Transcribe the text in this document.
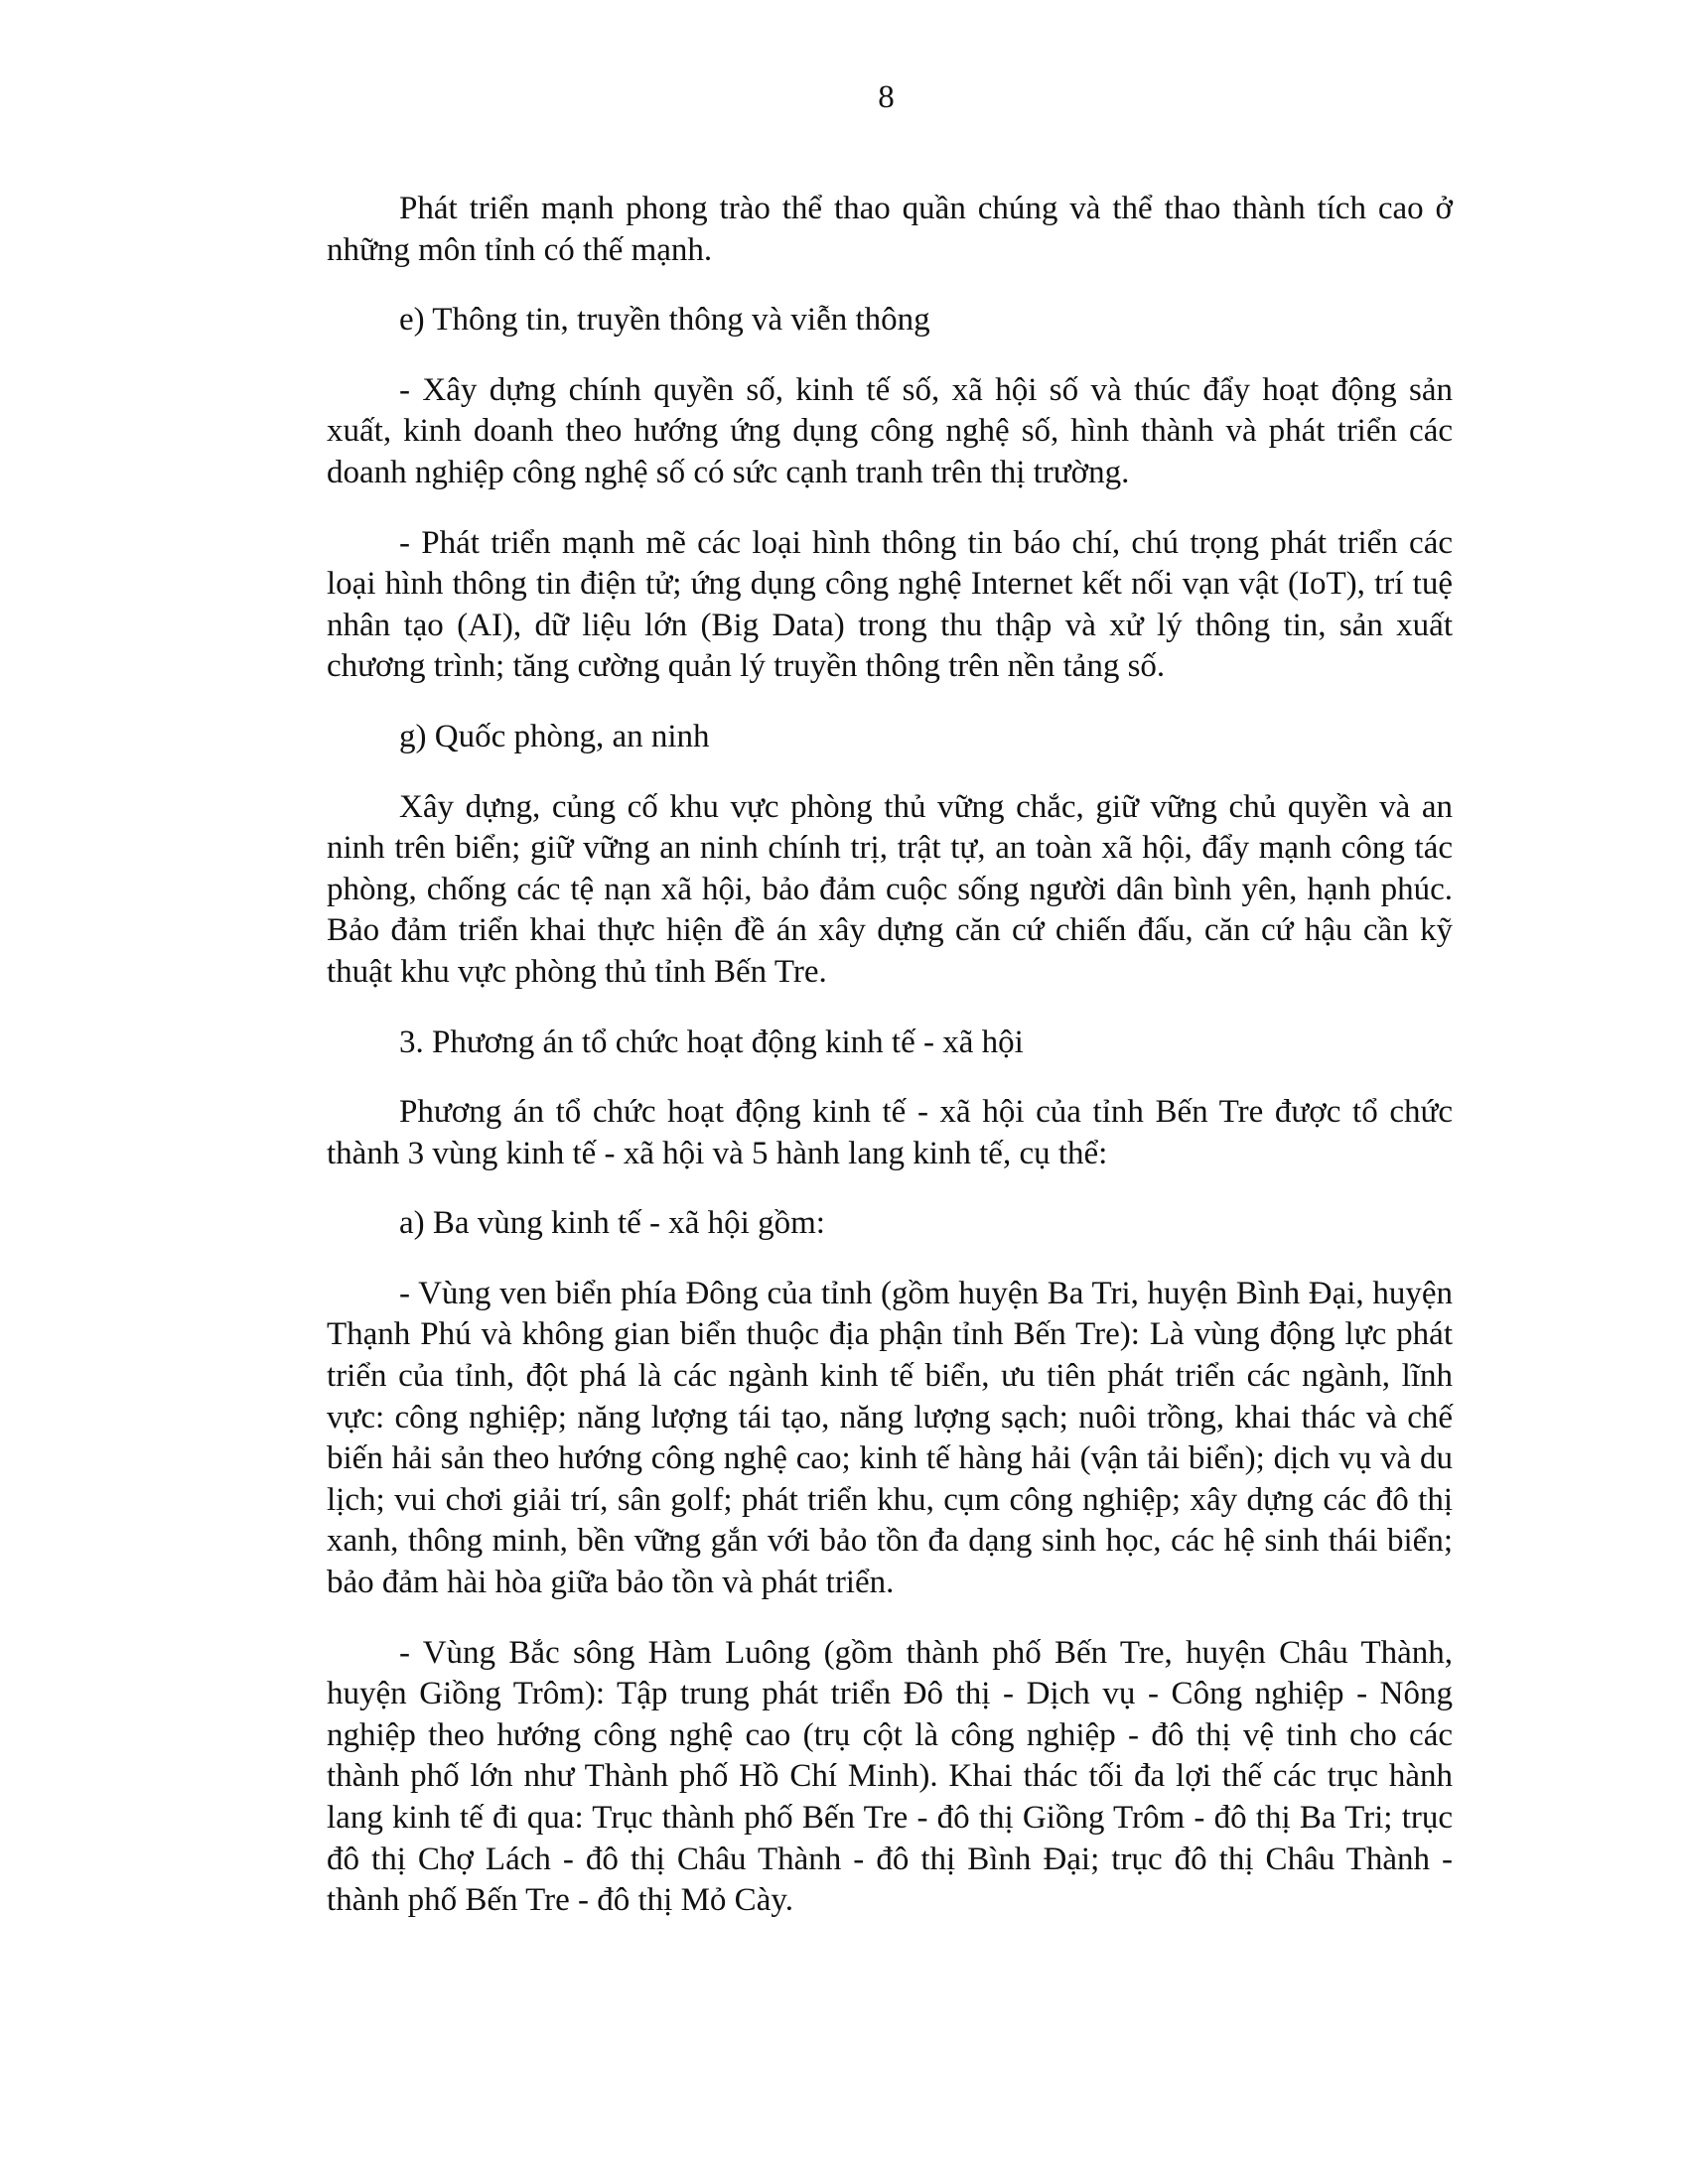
8

Phát triển mạnh phong trào thể thao quần chúng và thể thao thành tích cao ở những môn tỉnh có thế mạnh.

e) Thông tin, truyền thông và viễn thông

- Xây dựng chính quyền số, kinh tế số, xã hội số và thúc đẩy hoạt động sản xuất, kinh doanh theo hướng ứng dụng công nghệ số, hình thành và phát triển các doanh nghiệp công nghệ số có sức cạnh tranh trên thị trường.

- Phát triển mạnh mẽ các loại hình thông tin báo chí, chú trọng phát triển các loại hình thông tin điện tử; ứng dụng công nghệ Internet kết nối vạn vật (IoT), trí tuệ nhân tạo (AI), dữ liệu lớn (Big Data) trong thu thập và xử lý thông tin, sản xuất chương trình; tăng cường quản lý truyền thông trên nền tảng số.

g) Quốc phòng, an ninh

Xây dựng, củng cố khu vực phòng thủ vững chắc, giữ vững chủ quyền và an ninh trên biển; giữ vững an ninh chính trị, trật tự, an toàn xã hội, đẩy mạnh công tác phòng, chống các tệ nạn xã hội, bảo đảm cuộc sống người dân bình yên, hạnh phúc. Bảo đảm triển khai thực hiện đề án xây dựng căn cứ chiến đấu, căn cứ hậu cần kỹ thuật khu vực phòng thủ tỉnh Bến Tre.

3. Phương án tổ chức hoạt động kinh tế - xã hội

Phương án tổ chức hoạt động kinh tế - xã hội của tỉnh Bến Tre được tổ chức thành 3 vùng kinh tế - xã hội và 5 hành lang kinh tế, cụ thể:

a) Ba vùng kinh tế - xã hội gồm:

- Vùng ven biển phía Đông của tỉnh (gồm huyện Ba Tri, huyện Bình Đại, huyện Thạnh Phú và không gian biển thuộc địa phận tỉnh Bến Tre): Là vùng động lực phát triển của tỉnh, đột phá là các ngành kinh tế biển, ưu tiên phát triển các ngành, lĩnh vực: công nghiệp; năng lượng tái tạo, năng lượng sạch; nuôi trồng, khai thác và chế biến hải sản theo hướng công nghệ cao; kinh tế hàng hải (vận tải biển); dịch vụ và du lịch; vui chơi giải trí, sân golf; phát triển khu, cụm công nghiệp; xây dựng các đô thị xanh, thông minh, bền vững gắn với bảo tồn đa dạng sinh học, các hệ sinh thái biển; bảo đảm hài hòa giữa bảo tồn và phát triển.

- Vùng Bắc sông Hàm Luông (gồm thành phố Bến Tre, huyện Châu Thành, huyện Giồng Trôm): Tập trung phát triển Đô thị - Dịch vụ - Công nghiệp - Nông nghiệp theo hướng công nghệ cao (trụ cột là công nghiệp - đô thị vệ tinh cho các thành phố lớn như Thành phố Hồ Chí Minh). Khai thác tối đa lợi thế các trục hành lang kinh tế đi qua: Trục thành phố Bến Tre - đô thị Giồng Trôm - đô thị Ba Tri; trục đô thị Chợ Lách - đô thị Châu Thành - đô thị Bình Đại; trục đô thị Châu Thành - thành phố Bến Tre - đô thị Mỏ Cày.
